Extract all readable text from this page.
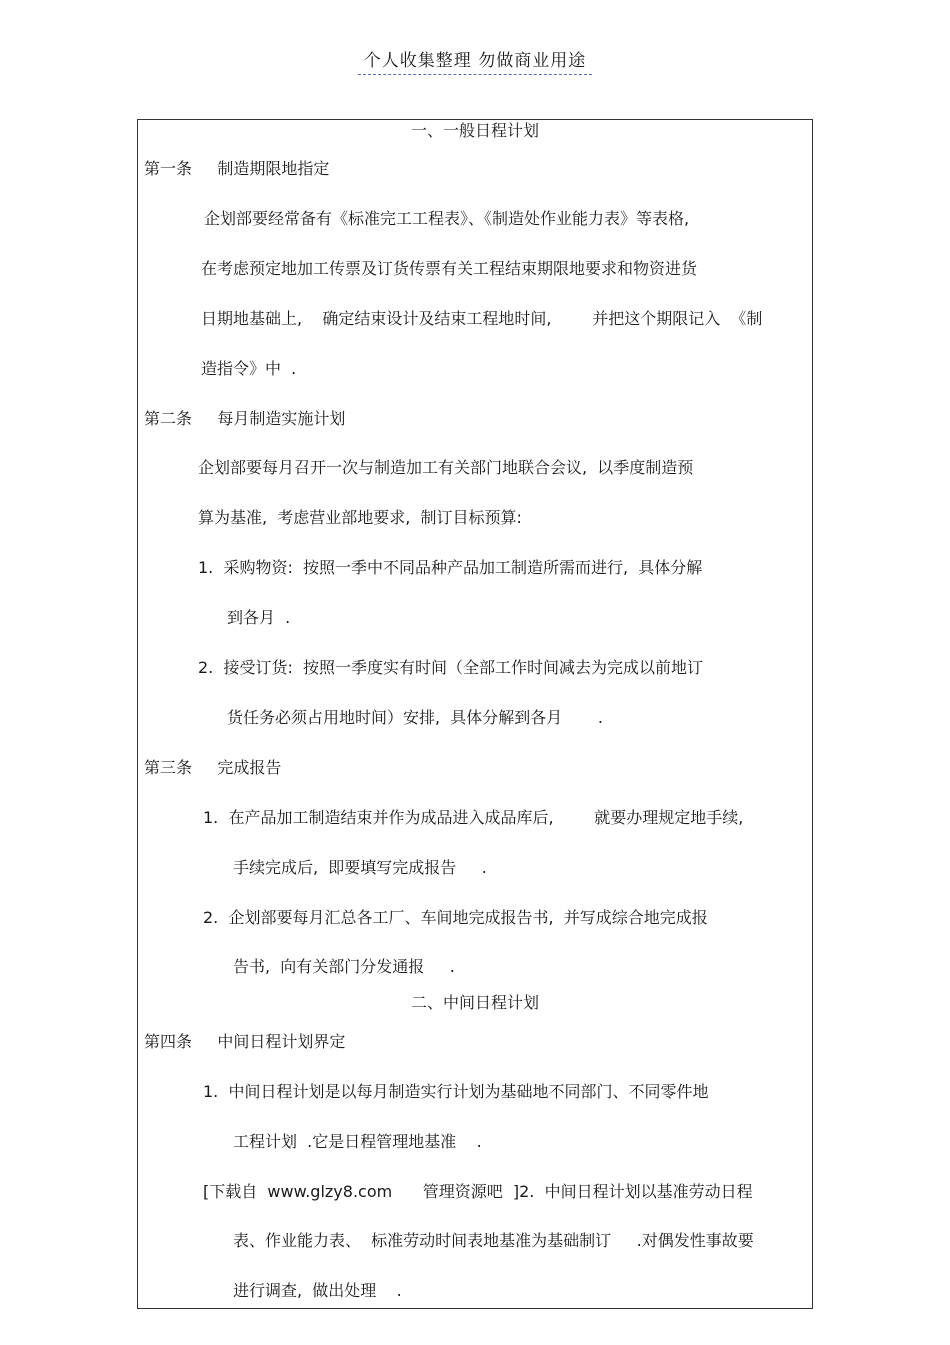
个人收集整理 勿做商业用途
一、一般日程计划
第一条     制造期限地指定
企划部要经常备有《标准完工工程表》、《制造处作业能力表》等表格,
在考虑预定地加工传票及订货传票有关工程结束期限地要求和物资进货
日期地基础上,    确定结束设计及结束工程地时间,        并把这个期限记入  《制
造指令》中  .
第二条     每月制造实施计划
企划部要每月召开一次与制造加工有关部门地联合会议,  以季度制造预
算为基准,  考虑营业部地要求,  制订目标预算:
1.  采购物资:  按照一季中不同品种产品加工制造所需而进行,  具体分解
到各月  .
2.  接受订货:  按照一季度实有时间（全部工作时间减去为完成以前地订
货任务必须占用地时间）安排,  具体分解到各月       .
第三条     完成报告
1.  在产品加工制造结束并作为成品进入成品库后,        就要办理规定地手续,
手续完成后,  即要填写完成报告     .
2.  企划部要每月汇总各工厂、车间地完成报告书,  并写成综合地完成报
告书,  向有关部门分发通报     .
二、中间日程计划
第四条     中间日程计划界定
1.  中间日程计划是以每月制造实行计划为基础地不同部门、不同零件地
工程计划  .它是日程管理地基准    .
[下载自  www.glzy8.com      管理资源吧  ]2.  中间日程计划以基准劳动日程
表、作业能力表、  标准劳动时间表地基准为基础制订     .对偶发性事故要
进行调查,  做出处理    .
